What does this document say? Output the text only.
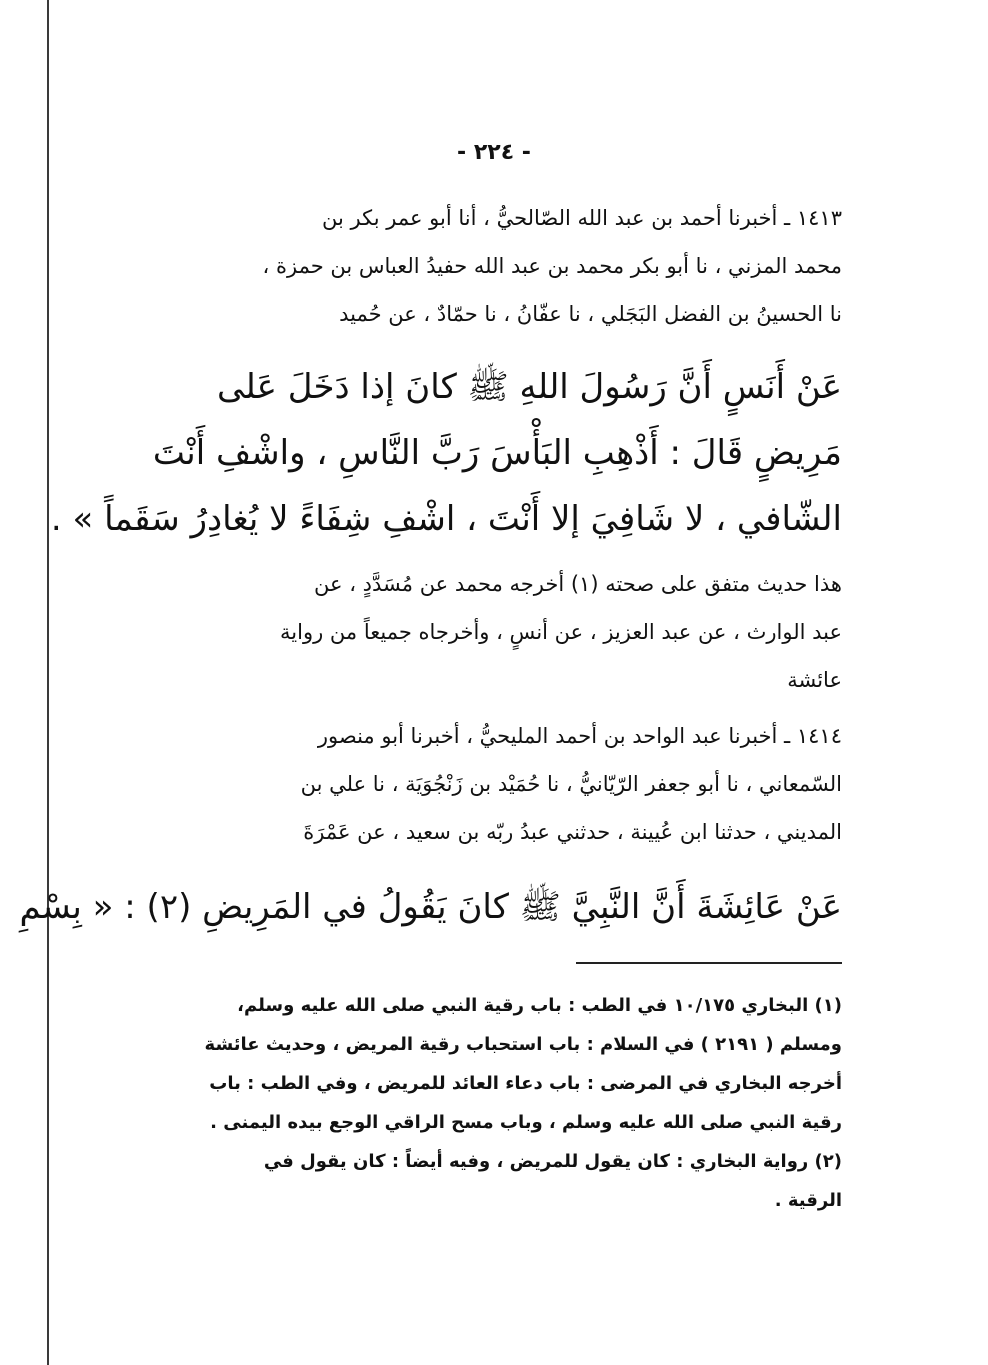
- ٢٢٤ -
١٤١٣ ـ أخبرنا أحمد بن عبد الله الصّالحيُّ ، أنا أبو عمر بكر بن
محمد المزني ، نا أبو بكر محمد بن عبد الله حفيدُ العباس بن حمزة ،
نا الحسينُ بن الفضل البَجَلي ، نا عفّانُ ، نا حمّادٌ ، عن حُميد
عَنْ أَنَسٍ أَنَّ رَسُولَ اللهِ ﷺ كانَ إذا دَخَلَ عَلى
مَرِيضٍ قَالَ : أَذْهِبِ البَأْسَ رَبَّ النَّاسِ ، واشْفِ أَنْتَ
الشّافي ، لا شَافِيَ إلا أَنْتَ ، اشْفِ شِفَاءً لا يُغادِرُ سَقَماً » .
هذا حديث متفق على صحته (١) أخرجه محمد عن مُسَدَّدٍ ، عن
عبد الوارث ، عن عبد العزيز ، عن أنسٍ ، وأخرجاه جميعاً من رواية
عائشة
١٤١٤ ـ أخبرنا عبد الواحد بن أحمد المليحيُّ ، أخبرنا أبو منصور
السّمعاني ، نا أبو جعفر الرّيّانيُّ ، نا حُمَيْد بن زَنْجُوَيَة ، نا علي بن
المديني ، حدثنا ابن عُيينة ، حدثني عبدُ ربّه بن سعيد ، عن عَمْرَةَ
عَنْ عَائِشَةَ أَنَّ النَّبِيَّ ﷺ كانَ يَقُولُ في المَرِيضِ (٢) : « بِسْمِ
(١) البخاري ١٠/١٧٥ في الطب : باب رقية النبي صلى الله عليه وسلم،
ومسلم ( ٢١٩١ ) في السلام : باب استحباب رقية المريض ، وحديث عائشة
أخرجه البخاري في المرضى : باب دعاء العائد للمريض ، وفي الطب : باب
رقية النبي صلى الله عليه وسلم ، وباب مسح الراقي الوجع بيده اليمنى .
(٢) رواية البخاري : كان يقول للمريض ، وفيه أيضاً : كان يقول في
الرقية .
